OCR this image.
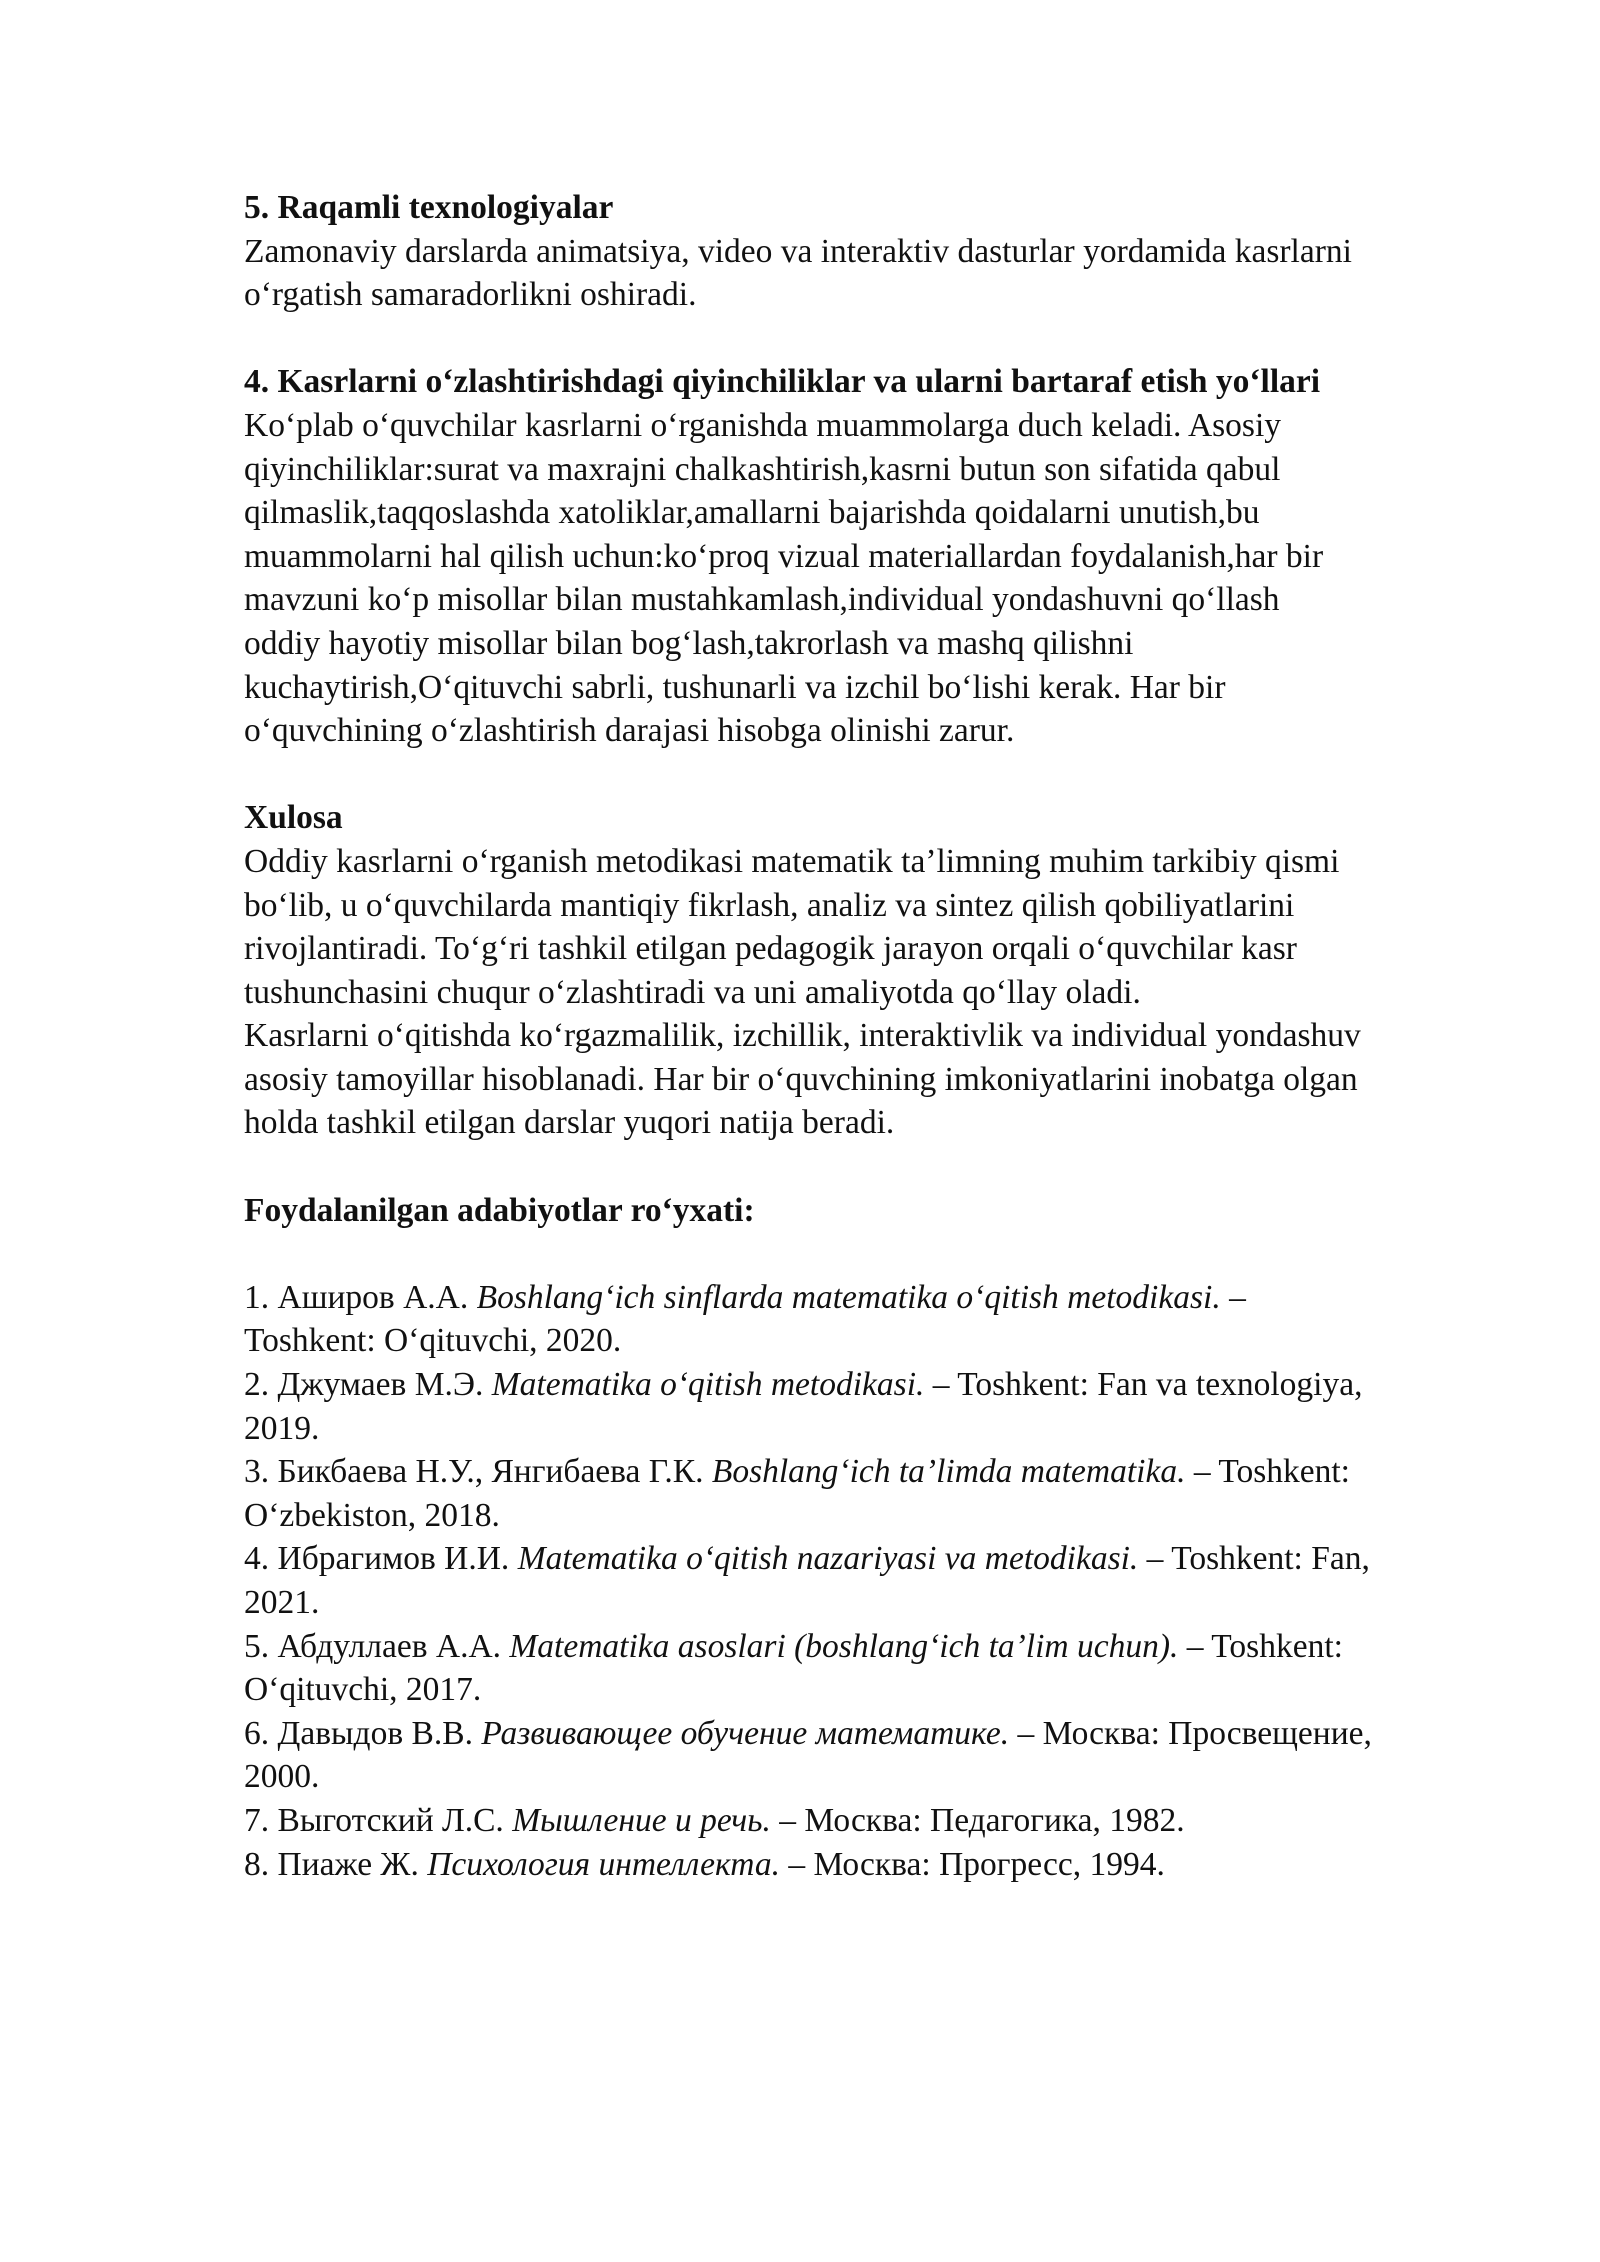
5. Raqamli texnologiyalar
Zamonaviy darslarda animatsiya, video va interaktiv dasturlar yordamida kasrlarni o‘rgatish samaradorlikni oshiradi.
4. Kasrlarni o‘zlashtirishdagi qiyinchiliklar va ularni bartaraf etish yo‘llari
Ko‘plab o‘quvchilar kasrlarni o‘rganishda muammolarga duch keladi. Asosiy qiyinchiliklar:surat va maxrajni chalkashtirish,kasrni butun son sifatida qabul qilmaslik,taqqoslashda xatoliklar,amallarni bajarishda qoidalarni unutish,bu muammolarni hal qilish uchun:ko‘proq vizual materiallardan foydalanish,har bir mavzuni ko‘p misollar bilan mustahkamlash,individual yondashuvni qo‘llash
oddiy hayotiy misollar bilan bog‘lash,takrorlash va mashq qilishni kuchaytirish,O‘qituvchi sabrli, tushunarli va izchil bo‘lishi kerak. Har bir o‘quvchining o‘zlashtirish darajasi hisobga olinishi zarur.
Xulosa
Oddiy kasrlarni o‘rganish metodikasi matematik ta’limning muhim tarkibiy qismi bo‘lib, u o‘quvchilarda mantiqiy fikrlash, analiz va sintez qilish qobiliyatlarini rivojlantiradi. To‘g‘ri tashkil etilgan pedagogik jarayon orqali o‘quvchilar kasr tushunchasini chuqur o‘zlashtiradi va uni amaliyotda qo‘llay oladi.
Kasrlarni o‘qitishda ko‘rgazmalilik, izchillik, interaktivlik va individual yondashuv asosiy tamoyillar hisoblanadi. Har bir o‘quvchining imkoniyatlarini inobatga olgan holda tashkil etilgan darslar yuqori natija beradi.
Foydalanilgan adabiyotlar ro‘yxati:
1. Аширов А.А. Boshlang‘ich sinflarda matematika o‘qitish metodikasi. – Toshkent: O‘qituvchi, 2020.
2. Джумаев М.Э. Matematika o‘qitish metodikasi. – Toshkent: Fan va texnologiya, 2019.
3. Бикбаева Н.У., Янгибаева Г.К. Boshlang‘ich ta’limda matematika. – Toshkent: O‘zbekiston, 2018.
4. Ибрагимов И.И. Matematika o‘qitish nazariyasi va metodikasi. – Toshkent: Fan, 2021.
5. Абдуллаев А.А. Matematika asoslari (boshlang‘ich ta’lim uchun). – Toshkent: O‘qituvchi, 2017.
6. Давыдов В.В. Развивающее обучение математике. – Москва: Просвещение, 2000.
7. Выготский Л.С. Мышление и речь. – Москва: Педагогика, 1982.
8. Пиаже Ж. Психология интеллекта. – Москва: Прогресс, 1994.
